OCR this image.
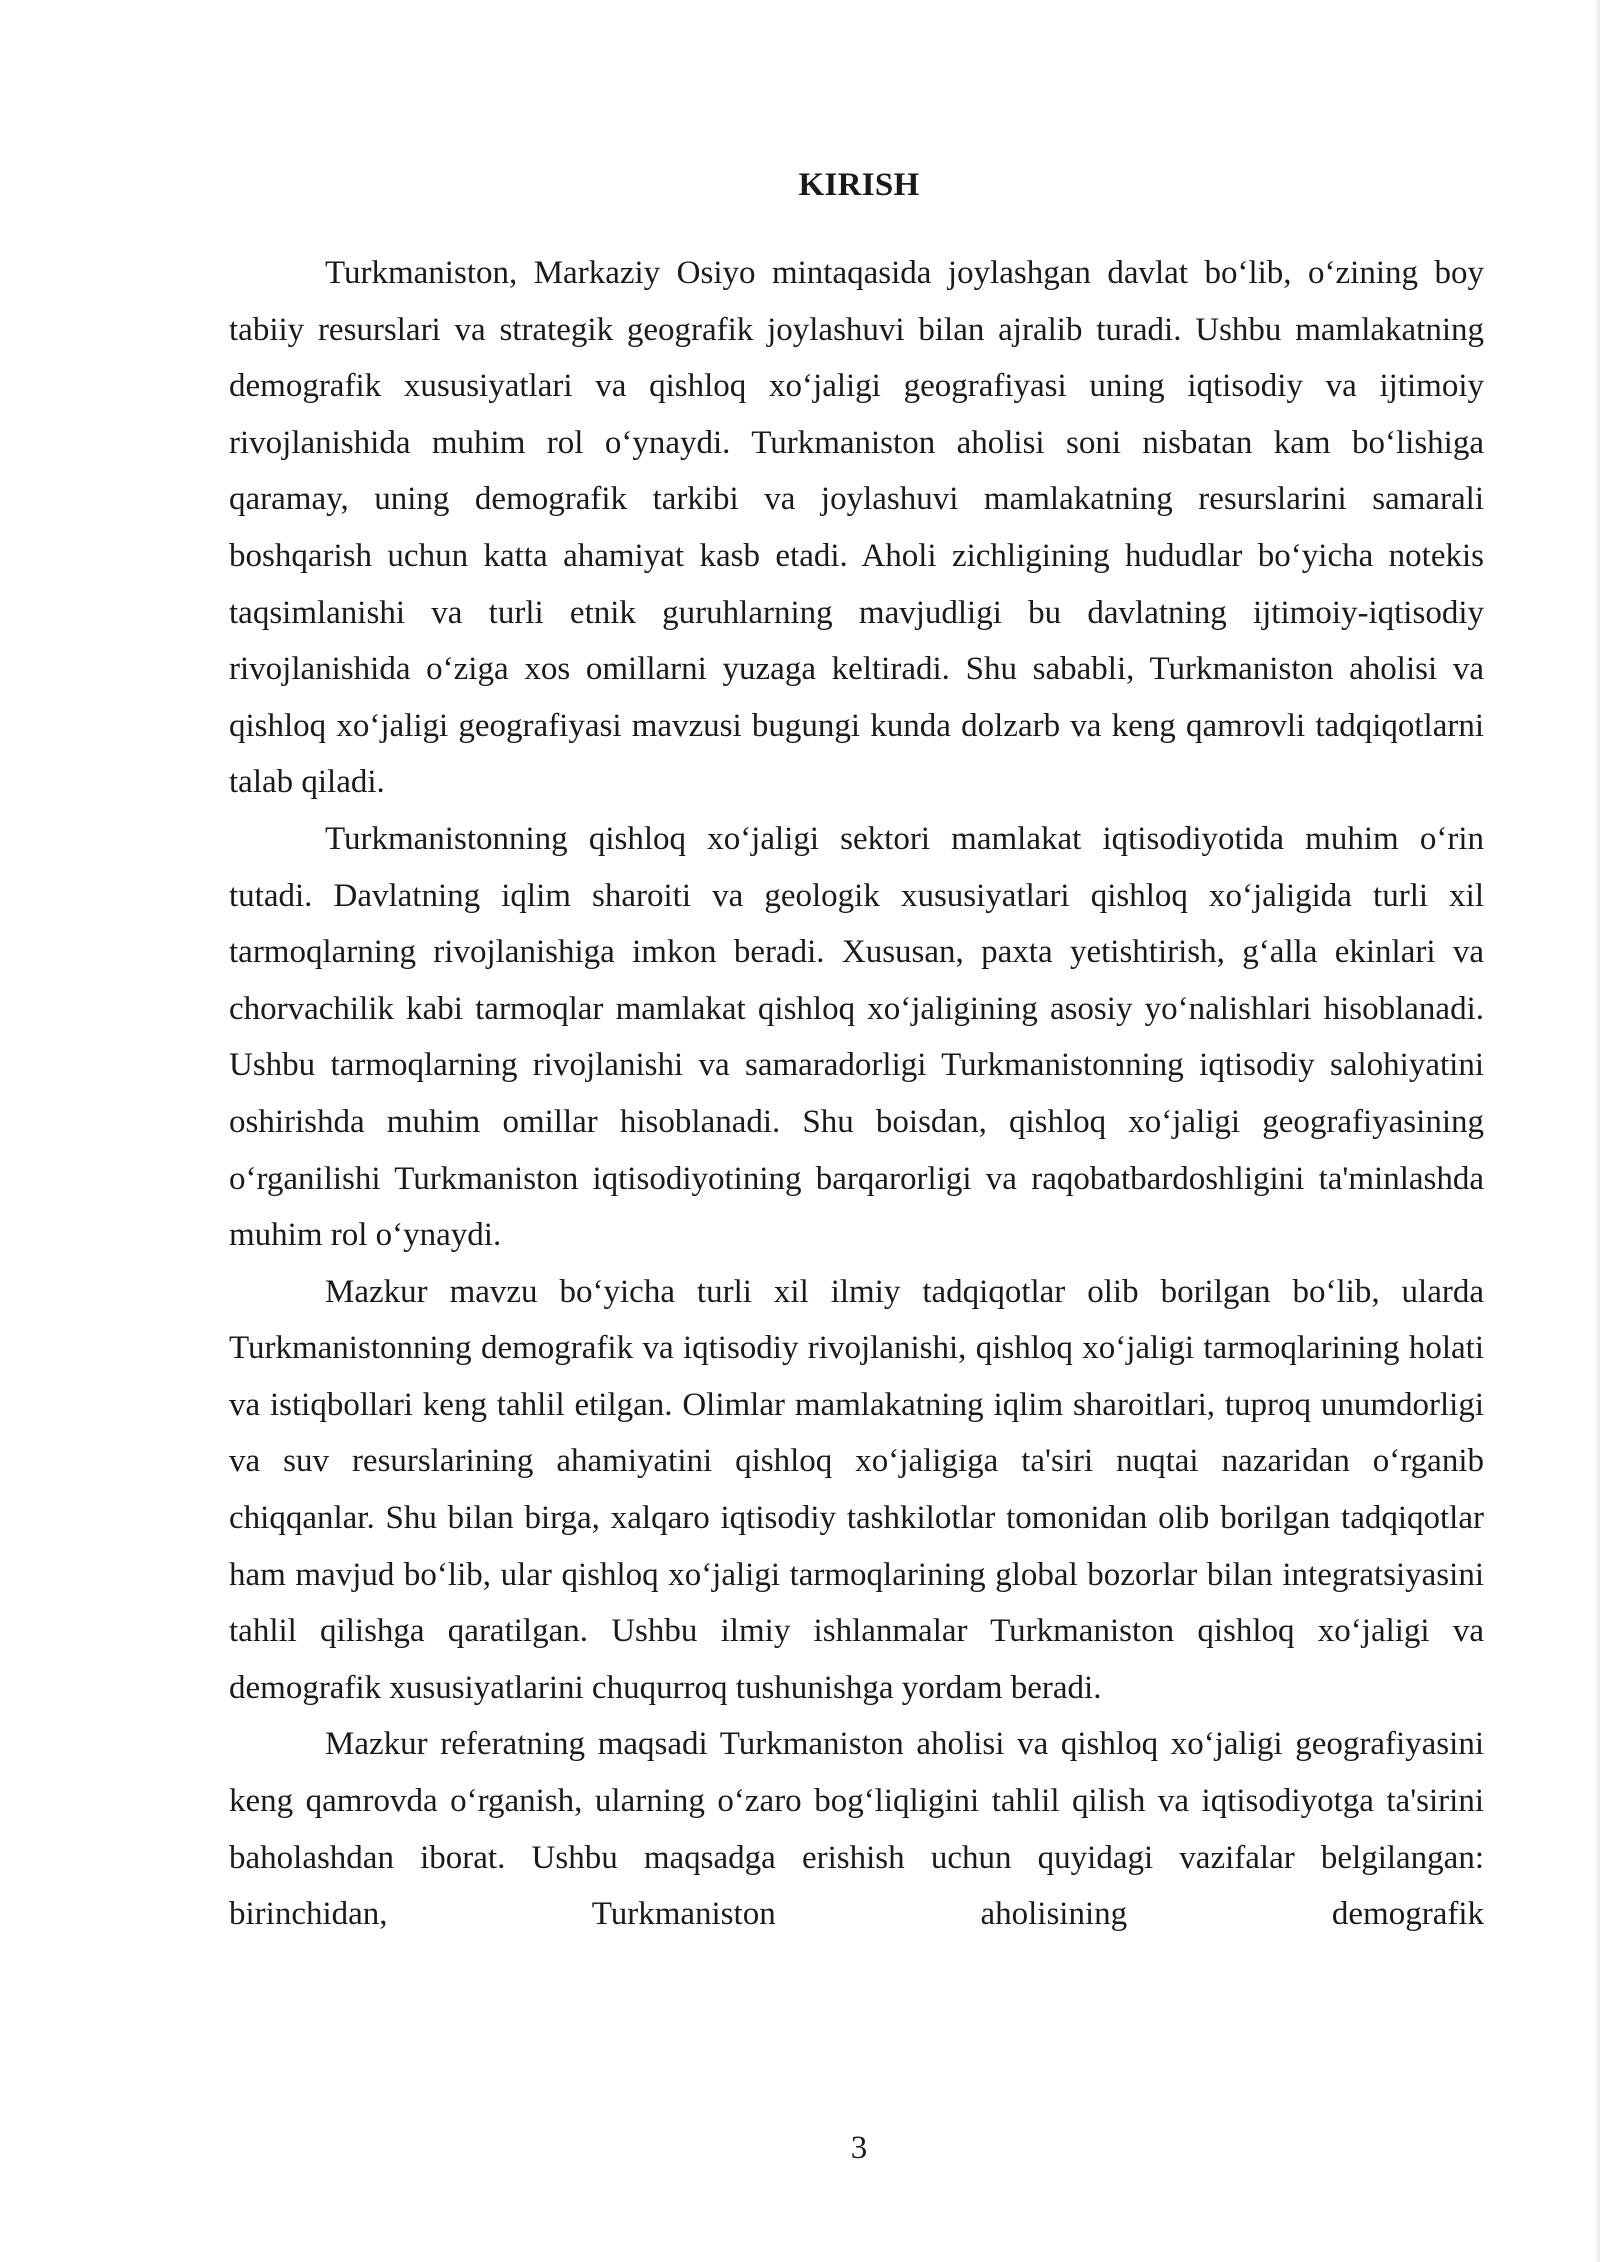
KIRISH

Turkmaniston, Markaziy Osiyo mintaqasida joylashgan davlat bo‘lib, o‘zining boy tabiiy resurslari va strategik geografik joylashuvi bilan ajralib turadi. Ushbu mamlakatning demografik xususiyatlari va qishloq xo‘jaligi geografiyasi uning iqtisodiy va ijtimoiy rivojlanishida muhim rol o‘ynaydi. Turkmaniston aholisi soni nisbatan kam bo‘lishiga qaramay, uning demografik tarkibi va joylashuvi mamlakatning resurslarini samarali boshqarish uchun katta ahamiyat kasb etadi. Aholi zichligining hududlar bo‘yicha notekis taqsimlanishi va turli etnik guruhlarning mavjudligi bu davlatning ijtimoiy-iqtisodiy rivojlanishida o‘ziga xos omillarni yuzaga keltiradi. Shu sababli, Turkmaniston aholisi va qishloq xo‘jaligi geografiyasi mavzusi bugungi kunda dolzarb va keng qamrovli tadqiqotlarni talab qiladi.

Turkmanistonning qishloq xo‘jaligi sektori mamlakat iqtisodiyotida muhim o‘rin tutadi. Davlatning iqlim sharoiti va geologik xususiyatlari qishloq xo‘jaligida turli xil tarmoqlarning rivojlanishiga imkon beradi. Xususan, paxta yetishtirish, g‘alla ekinlari va chorvachilik kabi tarmoqlar mamlakat qishloq xo‘jaligining asosiy yo‘nalishlari hisoblanadi. Ushbu tarmoqlarning rivojlanishi va samaradorligi Turkmanistonning iqtisodiy salohiyatini oshirishda muhim omillar hisoblanadi. Shu boisdan, qishloq xo‘jaligi geografiyasining o‘rganilishi Turkmaniston iqtisodiyotining barqarorligi va raqobatbardoshligini ta'minlashda muhim rol o‘ynaydi.

Mazkur mavzu bo‘yicha turli xil ilmiy tadqiqotlar olib borilgan bo‘lib, ularda Turkmanistonning demografik va iqtisodiy rivojlanishi, qishloq xo‘jaligi tarmoqlarining holati va istiqbollari keng tahlil etilgan. Olimlar mamlakatning iqlim sharoitlari, tuproq unumdorligi va suv resurslarining ahamiyatini qishloq xo‘jaligiga ta'siri nuqtai nazaridan o‘rganib chiqqanlar. Shu bilan birga, xalqaro iqtisodiy tashkilotlar tomonidan olib borilgan tadqiqotlar ham mavjud bo‘lib, ular qishloq xo‘jaligi tarmoqlarining global bozorlar bilan integratsiyasini tahlil qilishga qaratilgan. Ushbu ilmiy ishlanmalar Turkmaniston qishloq xo‘jaligi va demografik xususiyatlarini chuqurroq tushunishga yordam beradi.

Mazkur referatning maqsadi Turkmaniston aholisi va qishloq xo‘jaligi geografiyasini keng qamrovda o‘rganish, ularning o‘zaro bog‘liqligini tahlil qilish va iqtisodiyotga ta'sirini baholashdan iborat. Ushbu maqsadga erishish uchun quyidagi vazifalar belgilangan: birinchidan, Turkmaniston aholisining demografik

3
